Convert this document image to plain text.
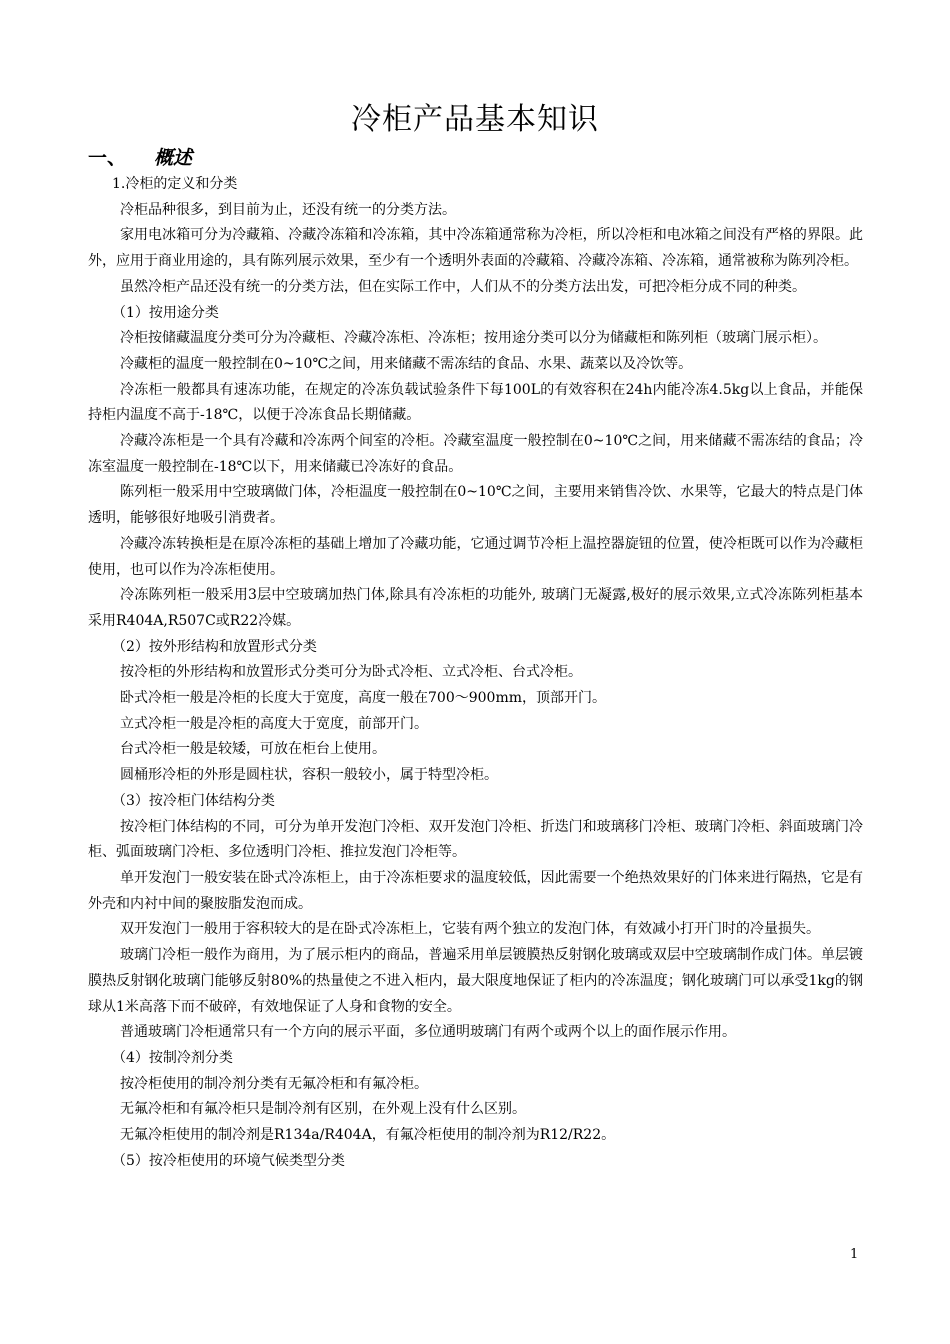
冷柜产品基本知识
一、 概述

1.冷柜的定义和分类

冷柜品种很多，到目前为止，还没有统一的分类方法。

家用电冰箱可分为冷藏箱、冷藏冷冻箱和冷冻箱，其中冷冻箱通常称为冷柜，所以冷柜和电冰箱之间没有严格的界限。此外，应用于商业用途的，具有陈列展示效果，至少有一个透明外表面的冷藏箱、冷藏冷冻箱、冷冻箱，通常被称为陈列冷柜。

虽然冷柜产品还没有统一的分类方法，但在实际工作中，人们从不的分类方法出发，可把冷柜分成不同的种类。

（1）按用途分类

冷柜按储藏温度分类可分为冷藏柜、冷藏冷冻柜、冷冻柜；按用途分类可以分为储藏柜和陈列柜（玻璃门展示柜）。

冷藏柜的温度一般控制在0~10℃之间，用来储藏不需冻结的食品、水果、蔬菜以及冷饮等。

冷冻柜一般都具有速冻功能，在规定的冷冻负载试验条件下每100L的有效容积在24h内能冷冻4.5kg以上食品，并能保持柜内温度不高于-18℃，以便于冷冻食品长期储藏。

冷藏冷冻柜是一个具有冷藏和冷冻两个间室的冷柜。冷藏室温度一般控制在0~10℃之间，用来储藏不需冻结的食品；冷冻室温度一般控制在-18℃以下，用来储藏已冷冻好的食品。

陈列柜一般采用中空玻璃做门体，冷柜温度一般控制在0~10℃之间，主要用来销售冷饮、水果等，它最大的特点是门体透明，能够很好地吸引消费者。

冷藏冷冻转换柜是在原冷冻柜的基础上增加了冷藏功能，它通过调节冷柜上温控器旋钮的位置，使冷柜既可以作为冷藏柜使用，也可以作为冷冻柜使用。

冷冻陈列柜一般采用3层中空玻璃加热门体,除具有冷冻柜的功能外, 玻璃门无凝露,极好的展示效果,立式冷冻陈列柜基本采用R404A,R507C或R22冷媒。

（2）按外形结构和放置形式分类

按冷柜的外形结构和放置形式分类可分为卧式冷柜、立式冷柜、台式冷柜。

卧式冷柜一般是冷柜的长度大于宽度，高度一般在700～900mm，顶部开门。

立式冷柜一般是冷柜的高度大于宽度，前部开门。

台式冷柜一般是较矮，可放在柜台上使用。

圆桶形冷柜的外形是圆柱状，容积一般较小，属于特型冷柜。

（3）按冷柜门体结构分类

按冷柜门体结构的不同，可分为单开发泡门冷柜、双开发泡门冷柜、折迭门和玻璃移门冷柜、玻璃门冷柜、斜面玻璃门冷柜、弧面玻璃门冷柜、多位透明门冷柜、推拉发泡门冷柜等。

单开发泡门一般安装在卧式冷冻柜上，由于冷冻柜要求的温度较低，因此需要一个绝热效果好的门体来进行隔热，它是有外壳和内衬中间的聚胺脂发泡而成。

双开发泡门一般用于容积较大的是在卧式冷冻柜上，它装有两个独立的发泡门体，有效减小打开门时的冷量损失。

玻璃门冷柜一般作为商用，为了展示柜内的商品，普遍采用单层镀膜热反射钢化玻璃或双层中空玻璃制作成门体。单层镀膜热反射钢化玻璃门能够反射80%的热量使之不进入柜内，最大限度地保证了柜内的冷冻温度；钢化玻璃门可以承受1kg的钢球从1米高落下而不破碎，有效地保证了人身和食物的安全。

普通玻璃门冷柜通常只有一个方向的展示平面，多位通明玻璃门有两个或两个以上的面作展示作用。

（4）按制冷剂分类

按冷柜使用的制冷剂分类有无氟冷柜和有氟冷柜。

无氟冷柜和有氟冷柜只是制冷剂有区别，在外观上没有什么区别。

无氟冷柜使用的制冷剂是R134a/R404A，有氟冷柜使用的制冷剂为R12/R22。

（5）按冷柜使用的环境气候类型分类

1
